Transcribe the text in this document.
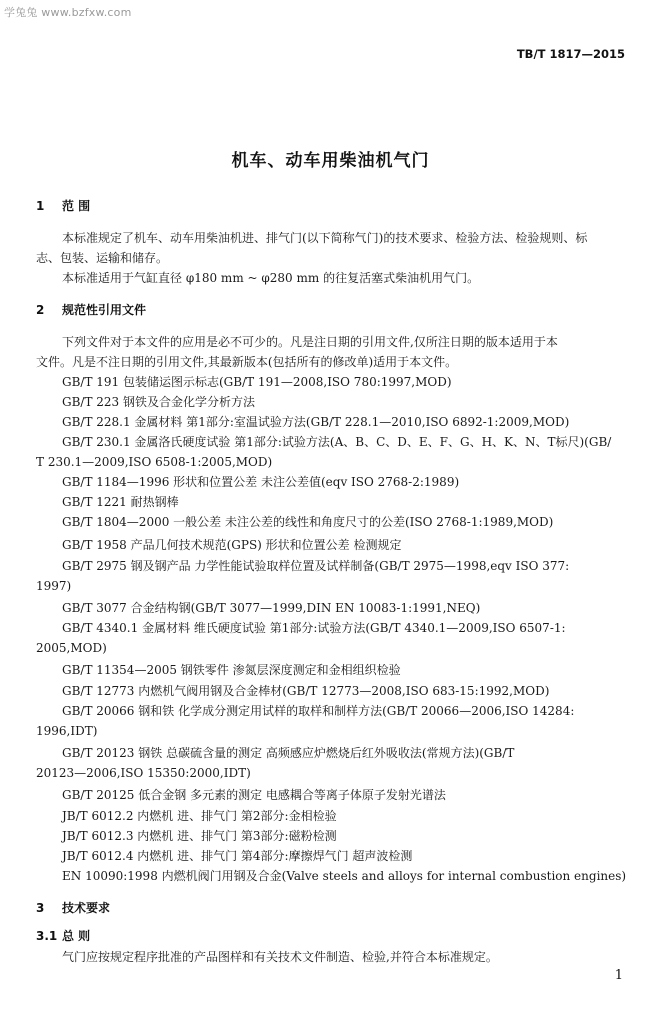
学兔兔 www.bzfxw.com
TB/T 1817—2015
机车、动车用柴油机气门
1 范 围
本标准规定了机车、动车用柴油机进、排气门(以下简称气门)的技术要求、检验方法、检验规则、标
志、包装、运输和储存。
本标准适用于气缸直径 φ180 mm ~ φ280 mm 的往复活塞式柴油机用气门。
2 规范性引用文件
下列文件对于本文件的应用是必不可少的。凡是注日期的引用文件,仅所注日期的版本适用于本
文件。凡是不注日期的引用文件,其最新版本(包括所有的修改单)适用于本文件。
GB/T 191 包装储运图示标志(GB/T 191—2008,ISO 780:1997,MOD)
GB/T 223 钢铁及合金化学分析方法
GB/T 228.1 金属材料 第1部分:室温试验方法(GB/T 228.1—2010,ISO 6892-1:2009,MOD)
GB/T 230.1 金属洛氏硬度试验 第1部分:试验方法(A、B、C、D、E、F、G、H、K、N、T标尺)(GB/
T 230.1—2009,ISO 6508-1:2005,MOD)
GB/T 1184—1996 形状和位置公差 未注公差值(eqv ISO 2768-2:1989)
GB/T 1221 耐热钢棒
GB/T 1804—2000 一般公差 未注公差的线性和角度尺寸的公差(ISO 2768-1:1989,MOD)
GB/T 1958 产品几何技术规范(GPS) 形状和位置公差 检测规定
GB/T 2975 钢及钢产品 力学性能试验取样位置及试样制备(GB/T 2975—1998,eqv ISO 377:
1997)
GB/T 3077 合金结构钢(GB/T 3077—1999,DIN EN 10083-1:1991,NEQ)
GB/T 4340.1 金属材料 维氏硬度试验 第1部分:试验方法(GB/T 4340.1—2009,ISO 6507-1:
2005,MOD)
GB/T 11354—2005 钢铁零件 渗氮层深度测定和金相组织检验
GB/T 12773 内燃机气阀用钢及合金棒材(GB/T 12773—2008,ISO 683-15:1992,MOD)
GB/T 20066 钢和铁 化学成分测定用试样的取样和制样方法(GB/T 20066—2006,ISO 14284:
1996,IDT)
GB/T 20123 钢铁 总碳硫含量的测定 高频感应炉燃烧后红外吸收法(常规方法)(GB/T
20123—2006,ISO 15350:2000,IDT)
GB/T 20125 低合金钢 多元素的测定 电感耦合等离子体原子发射光谱法
JB/T 6012.2 内燃机 进、排气门 第2部分:金相检验
JB/T 6012.3 内燃机 进、排气门 第3部分:磁粉检测
JB/T 6012.4 内燃机 进、排气门 第4部分:摩擦焊气门 超声波检测
EN 10090:1998 内燃机阀门用钢及合金(Valve steels and alloys for internal combustion engines)
3 技术要求
3.1 总 则
气门应按规定程序批准的产品图样和有关技术文件制造、检验,并符合本标准规定。
1
